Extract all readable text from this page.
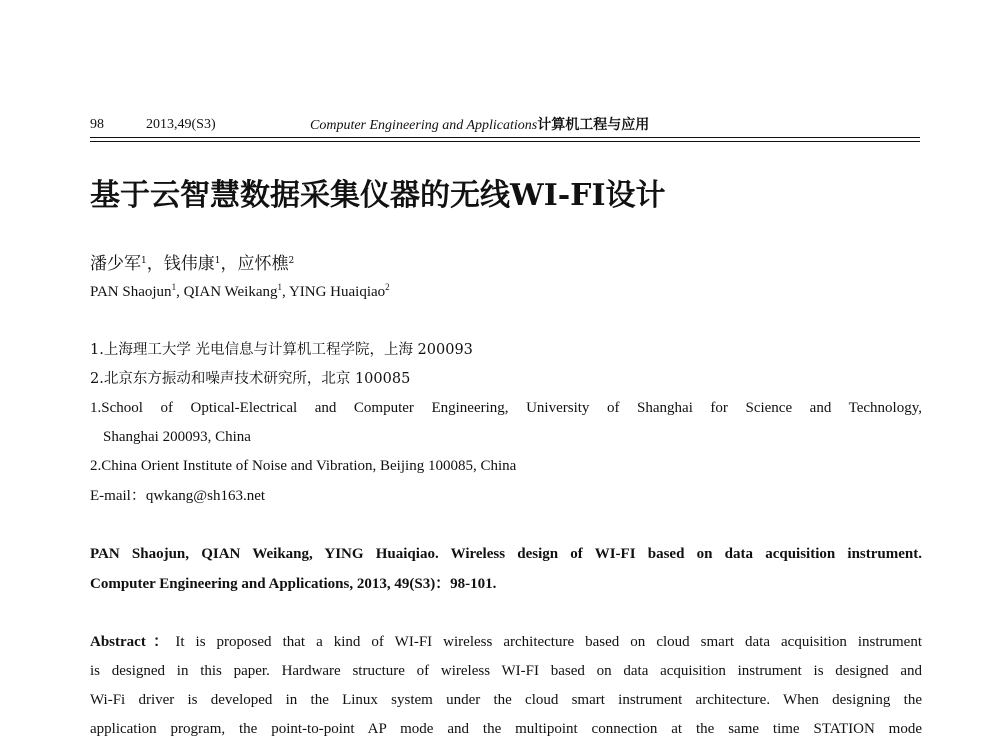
98	2013,49(S3)	Computer Engineering and Applications计算机工程与应用
基于云智慧数据采集仪器的无线WI-FI设计
潘少军$^1$，钱伟康$^1$，应怀樵$^2$
PAN Shaojun$^1$, QIAN Weikang$^1$, YING Huaiqiao$^2$
1.上海理工大学 光电信息与计算机工程学院，上海 200093
2.北京东方振动和噪声技术研究所，北京 100085
1.School of Optical-Electrical and Computer Engineering, University of Shanghai for Science and Technology,
Shanghai 200093, China
2.China Orient Institute of Noise and Vibration, Beijing 100085, China
E-mail：qwkang@sh163.net
PAN Shaojun, QIAN Weikang, YING Huaiqiao. Wireless design of WI-FI based on data acquisition instrument.
Computer Engineering and Applications, 2013, 49(S3)：98-101.
Abstract：It is proposed that a kind of WI-FI wireless architecture based on cloud smart data acquisition instrument
is designed in this paper. Hardware structure of wireless WI-FI based on data acquisition instrument is designed and
Wi-Fi driver is developed in the Linux system under the cloud smart instrument architecture. When designing the
application program, the point-to-point AP mode and the multipoint connection at the same time STATION mode
